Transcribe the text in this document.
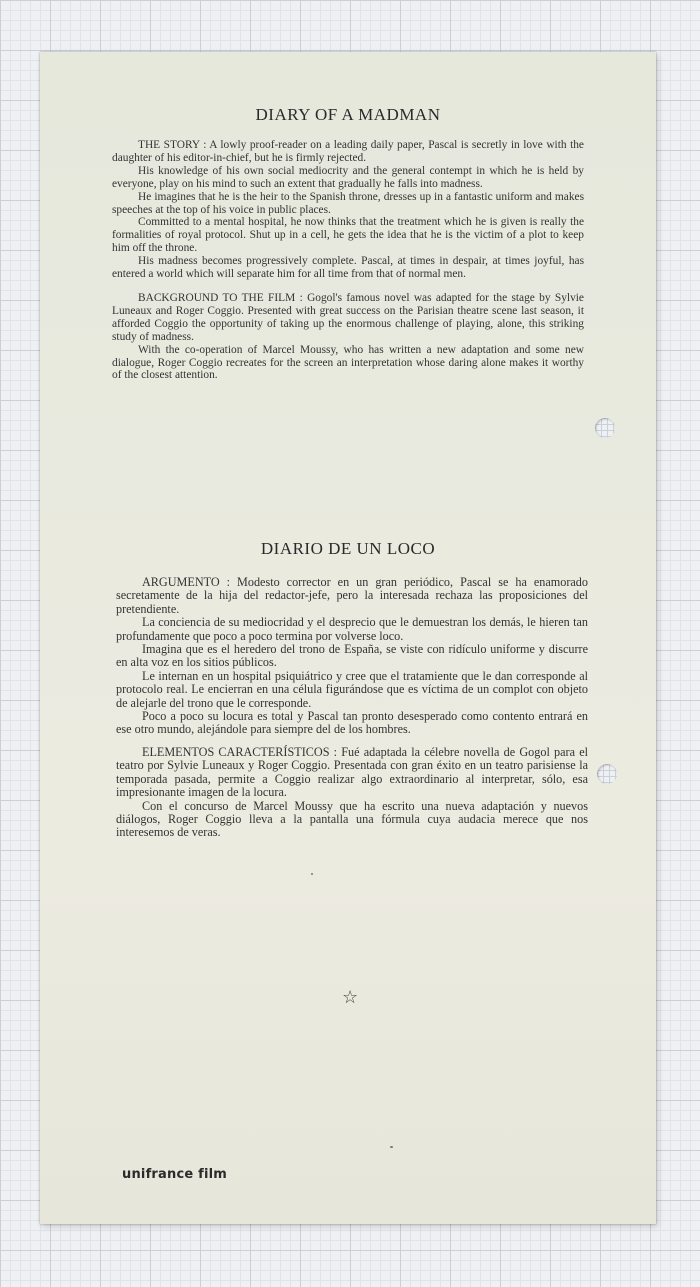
DIARY OF A MADMAN

THE STORY : A lowly proof-reader on a leading daily paper, Pascal is secretly in love with the daughter of his editor-in-chief, but he is firmly rejected.

His knowledge of his own social mediocrity and the general contempt in which he is held by everyone, play on his mind to such an extent that gradually he falls into madness.

He imagines that he is the heir to the Spanish throne, dresses up in a fantastic uniform and makes speeches at the top of his voice in public places.

Committed to a mental hospital, he now thinks that the treatment which he is given is really the formalities of royal protocol. Shut up in a cell, he gets the idea that he is the victim of a plot to keep him off the throne.

His madness becomes progressively complete. Pascal, at times in despair, at times joyful, has entered a world which will separate him for all time from that of normal men.

BACKGROUND TO THE FILM : Gogol's famous novel was adapted for the stage by Sylvie Luneaux and Roger Coggio. Presented with great success on the Parisian theatre scene last season, it afforded Coggio the opportunity of taking up the enormous challenge of playing, alone, this striking study of madness.

With the co-operation of Marcel Moussy, who has written a new adaptation and some new dialogue, Roger Coggio recreates for the screen an interpretation whose daring alone makes it worthy of the closest attention.

DIARIO DE UN LOCO

ARGUMENTO : Modesto corrector en un gran periódico, Pascal se ha enamorado secretamente de la hija del redactor-jefe, pero la interesada rechaza las proposiciones del pretendiente.

La conciencia de su mediocridad y el desprecio que le demuestran los demás, le hieren tan profundamente que poco a poco termina por volverse loco.

Imagina que es el heredero del trono de España, se viste con ridículo uniforme y discurre en alta voz en los sitios públicos.

Le internan en un hospital psiquiátrico y cree que el tratamiente que le dan corresponde al protocolo real. Le encierran en una célula figurándose que es víctima de un complot con objeto de alejarle del trono que le corresponde.

Poco a poco su locura es total y Pascal tan pronto desesperado como contento entrará en ese otro mundo, alejándole para siempre del de los hombres.

ELEMENTOS CARACTERÍSTICOS : Fué adaptada la célebre novella de Gogol para el teatro por Sylvie Luneaux y Roger Coggio. Presentada con gran éxito en un teatro parisiense la temporada pasada, permite a Coggio realizar algo extraordinario al interpretar, sólo, esa impresionante imagen de la locura.

Con el concurso de Marcel Moussy que ha escrito una nueva adaptación y nuevos diálogos, Roger Coggio lleva a la pantalla una fórmula cuya audacia merece que nos interesemos de veras.

☆
unifrance film
